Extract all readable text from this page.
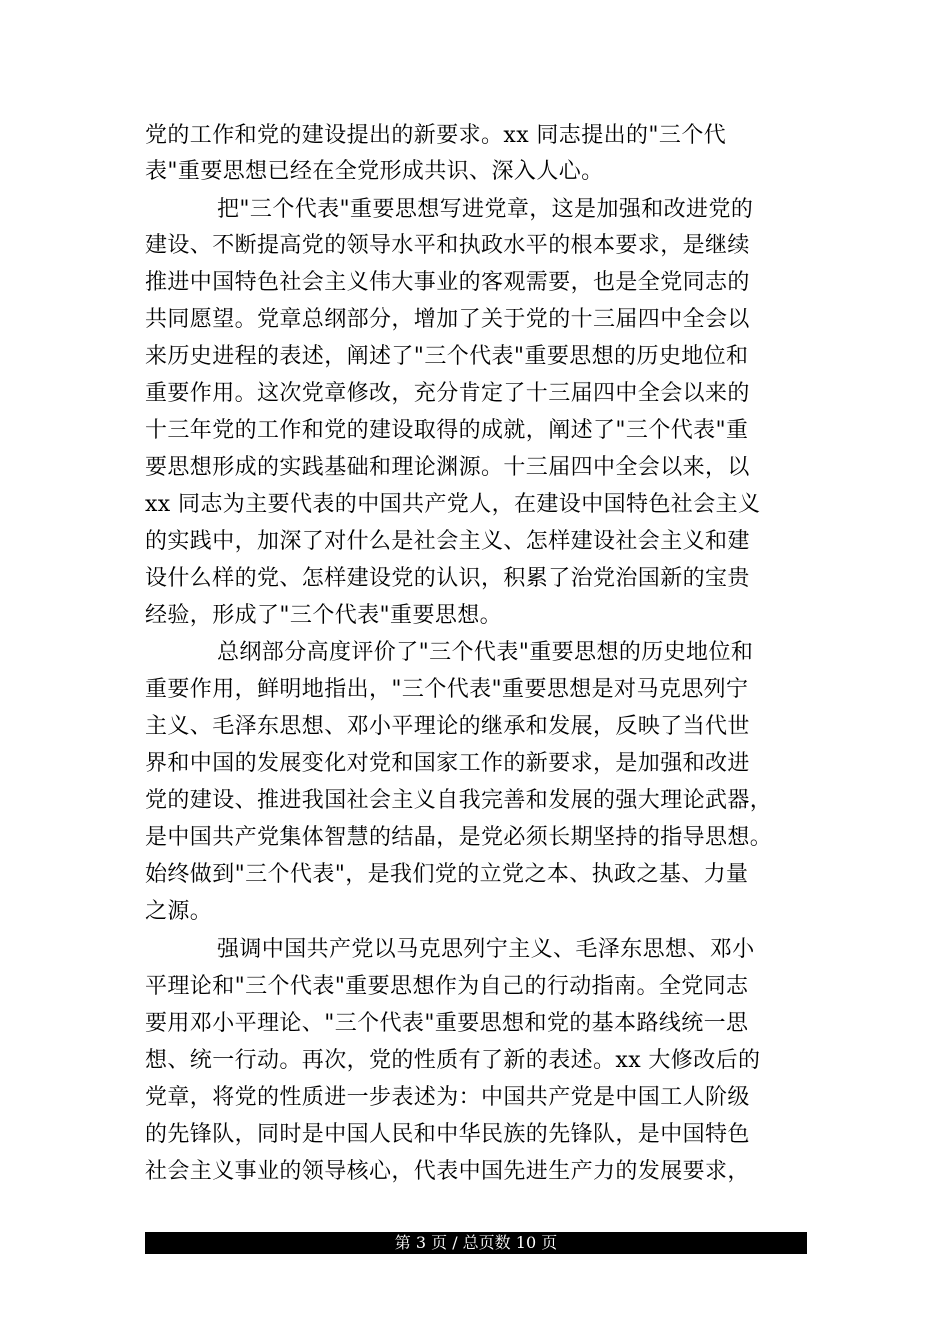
党的工作和党的建设提出的新要求。xx 同志提出的"三个代
表"重要思想已经在全党形成共识、深入人心。
把"三个代表"重要思想写进党章，这是加强和改进党的
建设、不断提高党的领导水平和执政水平的根本要求，是继续
推进中国特色社会主义伟大事业的客观需要，也是全党同志的
共同愿望。党章总纲部分，增加了关于党的十三届四中全会以
来历史进程的表述，阐述了"三个代表"重要思想的历史地位和
重要作用。这次党章修改，充分肯定了十三届四中全会以来的
十三年党的工作和党的建设取得的成就，阐述了"三个代表"重
要思想形成的实践基础和理论渊源。十三届四中全会以来，以
xx 同志为主要代表的中国共产党人，在建设中国特色社会主义
的实践中，加深了对什么是社会主义、怎样建设社会主义和建
设什么样的党、怎样建设党的认识，积累了治党治国新的宝贵
经验，形成了"三个代表"重要思想。
总纲部分高度评价了"三个代表"重要思想的历史地位和
重要作用，鲜明地指出，"三个代表"重要思想是对马克思列宁
主义、毛泽东思想、邓小平理论的继承和发展，反映了当代世
界和中国的发展变化对党和国家工作的新要求，是加强和改进
党的建设、推进我国社会主义自我完善和发展的强大理论武器，
是中国共产党集体智慧的结晶，是党必须长期坚持的指导思想。
始终做到"三个代表"，是我们党的立党之本、执政之基、力量
之源。
强调中国共产党以马克思列宁主义、毛泽东思想、邓小
平理论和"三个代表"重要思想作为自己的行动指南。全党同志
要用邓小平理论、"三个代表"重要思想和党的基本路线统一思
想、统一行动。再次，党的性质有了新的表述。xx 大修改后的
党章，将党的性质进一步表述为：中国共产党是中国工人阶级
的先锋队，同时是中国人民和中华民族的先锋队，是中国特色
社会主义事业的领导核心，代表中国先进生产力的发展要求，
第 3 页 / 总页数 10 页
